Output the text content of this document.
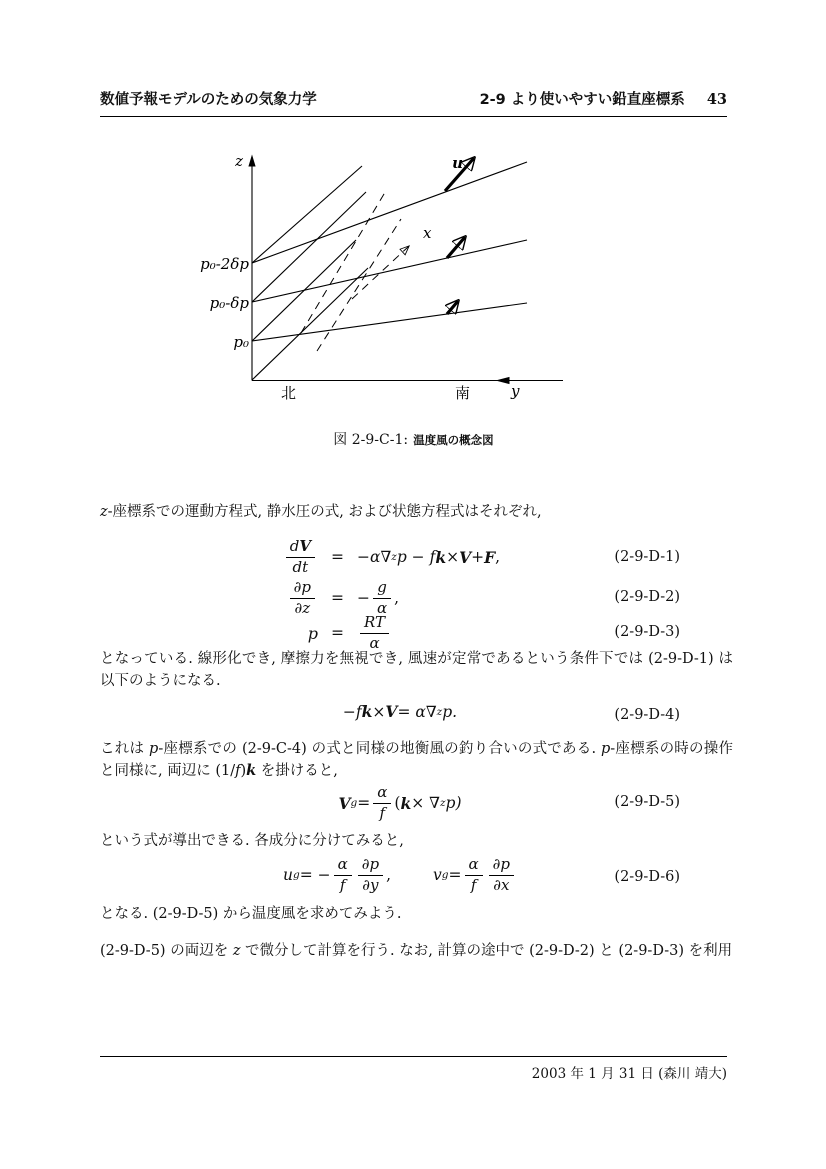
数値予報モデルのための気象力学	2-9 より使いやすい鉛直座標系 43
z
y
x
u
北	南
p₀
p₀-δp
p₀-2δp
図 2-9-C-1: 温度風の概念図
z-座標系での運動方程式, 静水圧の式, および状態方程式はそれぞれ,
$\frac{dV}{dt}$	= −α∇ z p − f k × V + F ,	(2-9-D-1)
$\frac{\partial p}{\partial z}$	= − $\frac{g}{\alpha}$ ,	(2-9-D-2)
p =	$\frac{RT}{\alpha}$	(2-9-D-3)
となっている. 線形化でき, 摩擦力を無視でき, 風速が定常であるという条件下では (2-9-D-1) は以下のようになる.
−f k × V = α∇ z p.	(2-9-D-4)
これは p-座標系での (2-9-C-4) の式と同様の地衡風の釣り合いの式である. p-座標系の時の操作と同様に, 両辺に (1/f)k を掛けると,
V $g = \frac{\alpha}{f}$ ( k × ∇ z p)	(2-9-D-5)
という式が導出できる. 各成分に分けてみると,
u g = − $\frac{\alpha}{f} \frac{\partial p}{\partial y}$ ,	v $g = \frac{\alpha}{f} \frac{\partial p}{\partial x}$	(2-9-D-6)
となる. (2-9-D-5) から温度風を求めてみよう.
(2-9-D-5) の両辺を z で微分して計算を行う. なお, 計算の途中で (2-9-D-2) と (2-9-D-3) を利用
2003 年 1 月 31 日 (森川 靖大)
